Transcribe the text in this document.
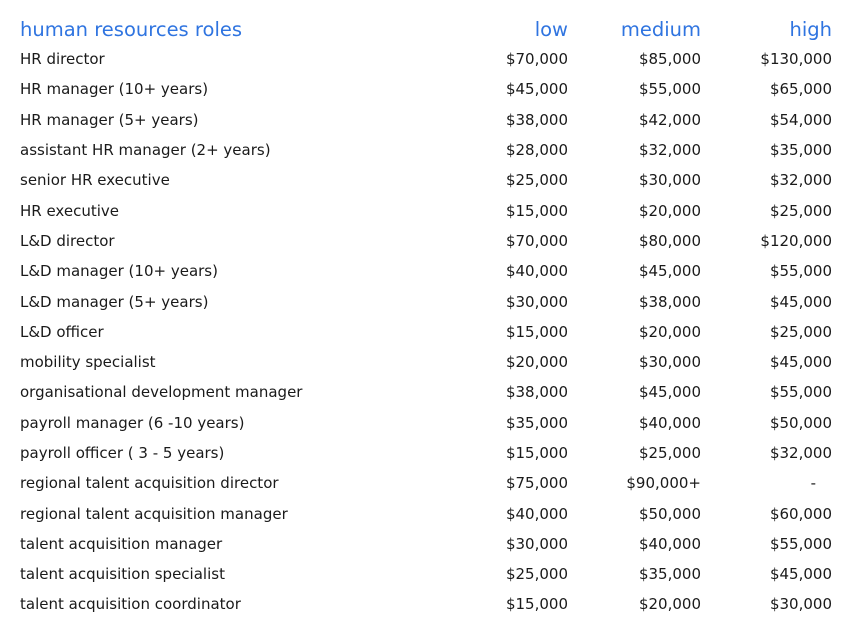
human resources roles	low	medium	high
HR director	$70,000	$85,000	$130,000
HR manager (10+ years)	$45,000	$55,000	$65,000
HR manager (5+ years)	$38,000	$42,000	$54,000
assistant HR manager (2+ years)	$28,000	$32,000	$35,000
senior HR executive	$25,000	$30,000	$32,000
HR executive	$15,000	$20,000	$25,000
L&D director	$70,000	$80,000	$120,000
L&D manager (10+ years)	$40,000	$45,000	$55,000
L&D manager (5+ years)	$30,000	$38,000	$45,000
L&D officer	$15,000	$20,000	$25,000
mobility specialist	$20,000	$30,000	$45,000
organisational development manager	$38,000	$45,000	$55,000
payroll manager (6 -10 years)	$35,000	$40,000	$50,000
payroll officer ( 3 - 5 years)	$15,000	$25,000	$32,000
regional talent acquisition director	$75,000	$90,000+	-
regional talent acquisition manager	$40,000	$50,000	$60,000
talent acquisition manager	$30,000	$40,000	$55,000
talent acquisition specialist	$25,000	$35,000	$45,000
talent acquisition coordinator	$15,000	$20,000	$30,000
